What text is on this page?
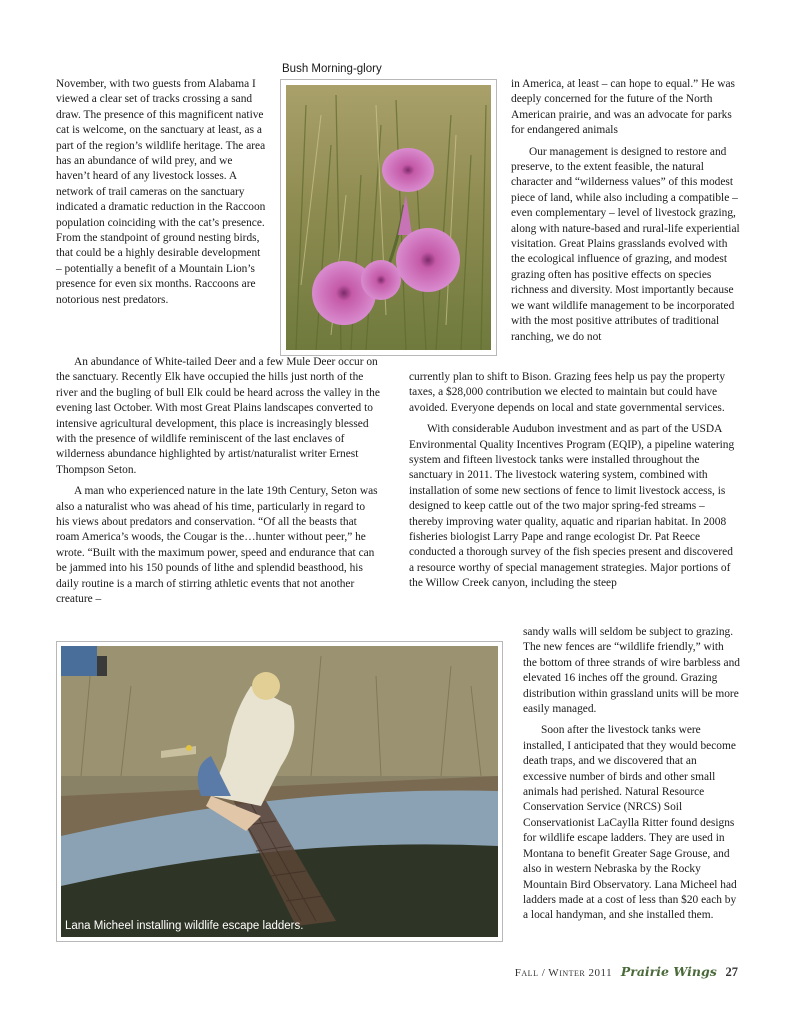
November, with two guests from Alabama I viewed a clear set of tracks crossing a sand draw. The presence of this magnificent native cat is welcome, on the sanctuary at least, as a part of the region’s wildlife heritage. The area has an abundance of wild prey, and we haven’t heard of any livestock losses. A network of trail cameras on the sanctuary indicated a dramatic reduction in the Raccoon population coinciding with the cat’s presence. From the standpoint of ground nesting birds, that could be a highly desirable development – potentially a benefit of a Mountain Lion’s presence for even six months. Raccoons are notorious nest predators.

An abundance of White-tailed Deer and a few Mule Deer occur on the sanctuary. Recently Elk have occupied the hills just north of the river and the bugling of bull Elk could be heard across the valley in the evening last October. With most Great Plains landscapes converted to intensive agricultural development, this place is increasingly blessed with the presence of wildlife reminiscent of the last enclaves of wilderness abundance highlighted by artist/naturalist writer Ernest Thompson Seton.

A man who experienced nature in the late 19th Century, Seton was also a naturalist who was ahead of his time, particularly in regard to his views about predators and conservation. “Of all the beasts that roam America’s woods, the Cougar is the…hunter without peer,” he wrote. “Built with the maximum power, speed and endurance that can be jammed into his 150 pounds of lithe and splendid beasthood, his daily routine is a march of stirring athletic events that not another creature –

Bush Morning-glory

in America, at least – can hope to equal.” He was deeply concerned for the future of the North American prairie, and was an advocate for parks for endangered animals

Our management is designed to restore and preserve, to the extent feasible, the natural character and “wilderness values” of this modest piece of land, while also including a compatible – even complementary – level of livestock grazing, along with nature-based and rural-life experiential visitation. Great Plains grasslands evolved with the ecological influence of grazing, and modest grazing often has positive effects on species richness and diversity. Most importantly because we want wildlife management to be incorporated with the most positive attributes of traditional ranching, we do not

currently plan to shift to Bison. Grazing fees help us pay the property taxes, a $28,000 contribution we elected to maintain but could have avoided. Everyone depends on local and state governmental services.

With considerable Audubon investment and as part of the USDA Environmental Quality Incentives Program (EQIP), a pipeline watering system and fifteen livestock tanks were installed throughout the sanctuary in 2011. The livestock watering system, combined with installation of some new sections of fence to limit livestock access, is designed to keep cattle out of the two major spring-fed streams – thereby improving water quality, aquatic and riparian habitat. In 2008 fisheries biologist Larry Pape and range ecologist Dr. Pat Reece conducted a thorough survey of the fish species present and discovered a resource worthy of special management strategies. Major portions of the Willow Creek canyon, including the steep

Lana Micheel installing wildlife escape ladders.

sandy walls will seldom be subject to grazing. The new fences are “wildlife friendly,” with the bottom of three strands of wire barbless and elevated 16 inches off the ground. Grazing distribution within grassland units will be more easily managed.

Soon after the livestock tanks were installed, I anticipated that they would become death traps, and we discovered that an excessive number of birds and other small animals had perished. Natural Resource Conservation Service (NRCS) Soil Conservationist LaCaylla Ritter found designs for wildlife escape ladders. They are used in Montana to benefit Greater Sage Grouse, and also in western Nebraska by the Rocky Mountain Bird Observatory. Lana Micheel had ladders made at a cost of less than $20 each by a local handyman, and she installed them.

Fall / Winter 2011 Prairie Wings 27
